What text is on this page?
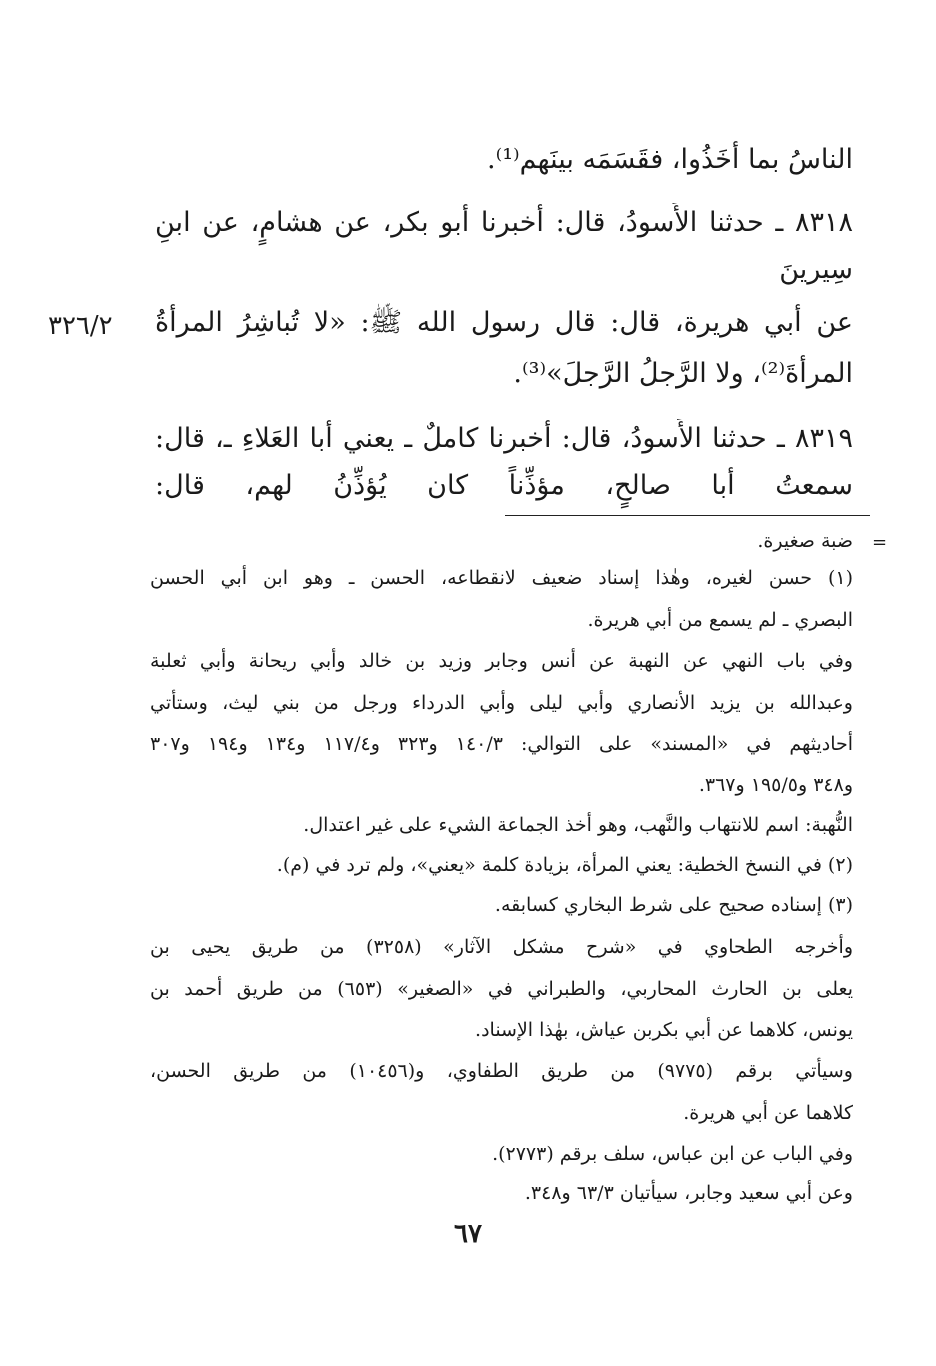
الناسُ بما أَخَذُوا، فقَسَمَه بينَهم⁽¹⁾.
٨٣١٨ ـ حدثنا الأَسودُ، قال: أخبرنا أبو بكر، عن هشامٍ، عن ابنِ
سِيرينَ
عن أبي هريرة، قال: قال رسول الله ﷺ: «لا تُباشِرُ المرأةُ
المرأةَ⁽²⁾، ولا الرَّجلُ الرَّجلَ»⁽³⁾.
٨٣١٩ ـ حدثنا الأَسودُ، قال: أخبرنا كاملٌ ـ يعني أَبا العَلاءِ ـ، قال:
سمعتُ أبا صالحٍ، مؤذِّناً كان يُؤذِّنُ لهم، قال:
٣٢٦/٢
=
ضبة صغيرة.
(١) حسن لغيره، وهٰذا إسناد ضعيف لانقطاعه، الحسن ـ وهو ابن أبي الحسن
البصري ـ لم يسمع من أبي هريرة.
وفي باب النهي عن النهبة عن أنس وجابر وزيد بن خالد وأبي ريحانة وأبي ثعلبة
وعبدالله بن يزيد الأنصاري وأبي ليلى وأبي الدرداء ورجل من بني ليث، وستأتي
أحاديثهم في «المسند» على التوالي: ١٤٠/٣ و٣٢٣ و١١٧/٤ و١٣٤ و١٩٤ و٣٠٧
و٣٤٨ و١٩٥/٥ و٣٦٧.
النُّهبة: اسم للانتهاب والنَّهب، وهو أخذ الجماعة الشيء على غير اعتدال.
(٢) في النسخ الخطية: يعني المرأة، بزيادة كلمة «يعني»، ولم ترد في (م).
(٣) إسناده صحيح على شرط البخاري كسابقه.
وأخرجه الطحاوي في «شرح مشكل الآثار» (٣٢٥٨) من طريق يحيى بن
يعلى بن الحارث المحاربي، والطبراني في «الصغير» (٦٥٣) من طريق أحمد بن
يونس، كلاهما عن أبي بكربن عياش، بهٰذا الإسناد.
وسيأتي برقم (٩٧٧٥) من طريق الطفاوي، و(١٠٤٥٦) من طريق الحسن،
كلاهما عن أبي هريرة.
وفي الباب عن ابن عباس، سلف برقم (٢٧٧٣).
وعن أبي سعيد وجابر، سيأتيان ٦٣/٣ و٣٤٨.
٦٧
